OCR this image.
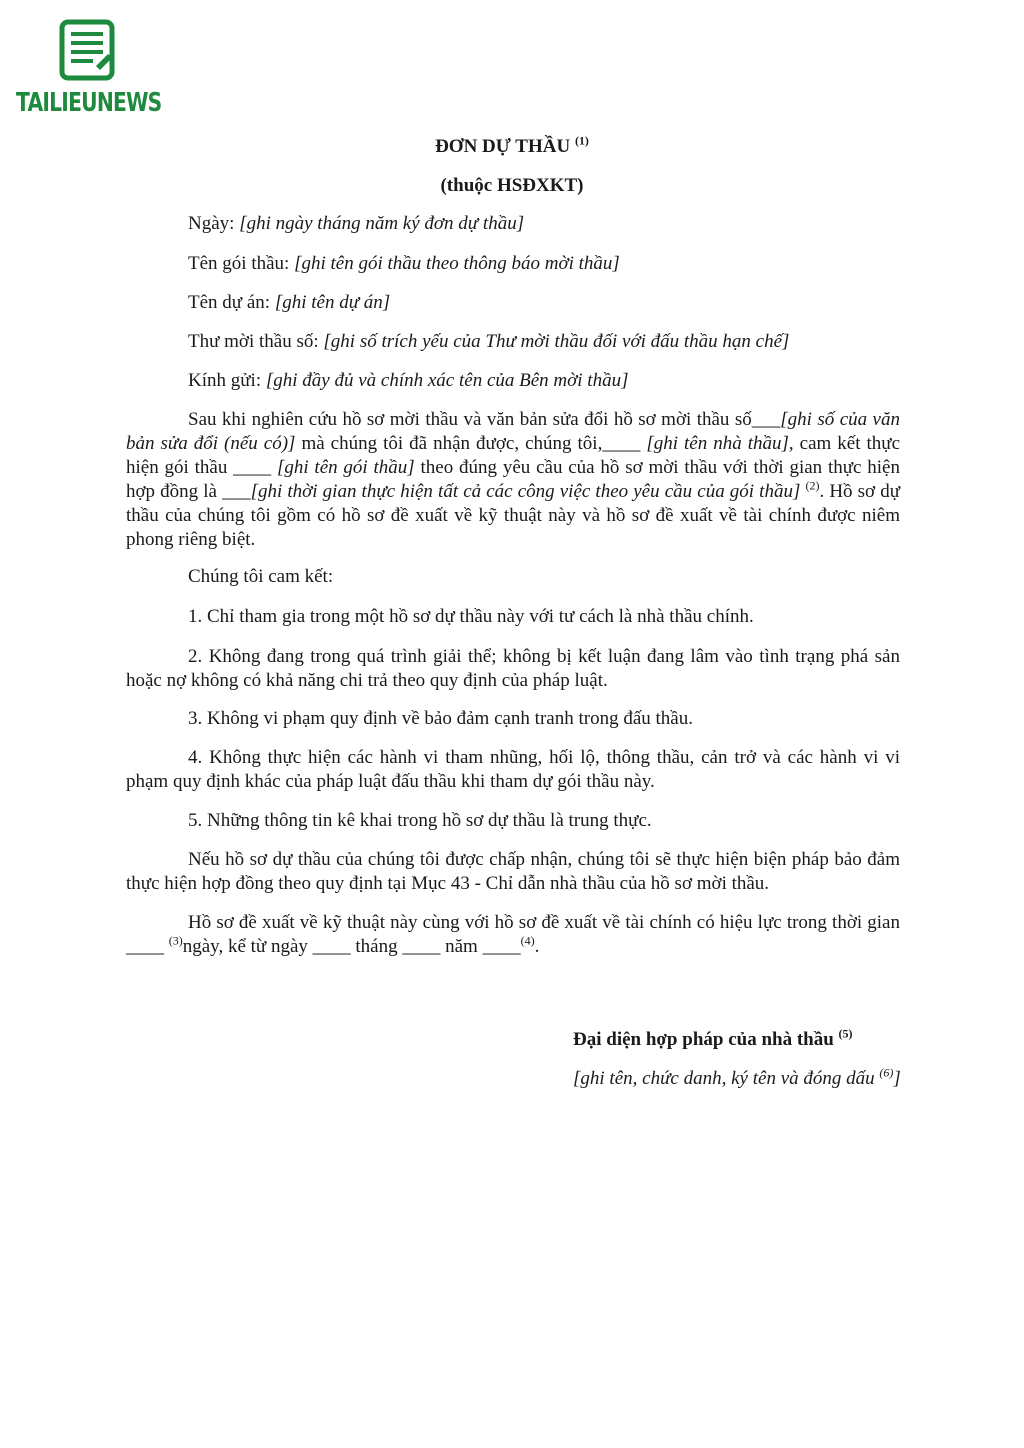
TAILIEUNEWS
ĐƠN DỰ THẦU $^{(1)}$
(thuộc HSĐXKT)
Ngày: [ghi ngày tháng năm ký đơn dự thầu]
Tên gói thầu: [ghi tên gói thầu theo thông báo mời thầu]
Tên dự án: [ghi tên dự án]
Thư mời thầu số: [ghi số trích yếu của Thư mời thầu đối với đấu thầu hạn chế]
Kính gửi: [ghi đầy đủ và chính xác tên của Bên mời thầu]
Sau khi nghiên cứu hồ sơ mời thầu và văn bản sửa đổi hồ sơ mời thầu số___[ghi số của văn bản sửa đổi (nếu có)] mà chúng tôi đã nhận được, chúng tôi,____ [ghi tên nhà thầu], cam kết thực hiện gói thầu ____ [ghi tên gói thầu] theo đúng yêu cầu của hồ sơ mời thầu với thời gian thực hiện hợp đồng là ___[ghi thời gian thực hiện tất cả các công việc theo yêu cầu của gói thầu] $^{(2)}$. Hồ sơ dự thầu của chúng tôi gồm có hồ sơ đề xuất về kỹ thuật này và hồ sơ đề xuất về tài chính được niêm phong riêng biệt.
Chúng tôi cam kết:
1. Chỉ tham gia trong một hồ sơ dự thầu này với tư cách là nhà thầu chính.
2. Không đang trong quá trình giải thể; không bị kết luận đang lâm vào tình trạng phá sản hoặc nợ không có khả năng chi trả theo quy định của pháp luật.
3. Không vi phạm quy định về bảo đảm cạnh tranh trong đấu thầu.
4. Không thực hiện các hành vi tham nhũng, hối lộ, thông thầu, cản trở và các hành vi vi phạm quy định khác của pháp luật đấu thầu khi tham dự gói thầu này.
5. Những thông tin kê khai trong hồ sơ dự thầu là trung thực.
Nếu hồ sơ dự thầu của chúng tôi được chấp nhận, chúng tôi sẽ thực hiện biện pháp bảo đảm thực hiện hợp đồng theo quy định tại Mục 43 - Chỉ dẫn nhà thầu của hồ sơ mời thầu.
Hồ sơ đề xuất về kỹ thuật này cùng với hồ sơ đề xuất về tài chính có hiệu lực trong thời gian ____ $^{(3)}$ngày, kể từ ngày ____ tháng ____ năm ____$^{(4)}$.
Đại diện hợp pháp của nhà thầu $^{(5)}$
[ghi tên, chức danh, ký tên và đóng dấu $^{(6)}$]
